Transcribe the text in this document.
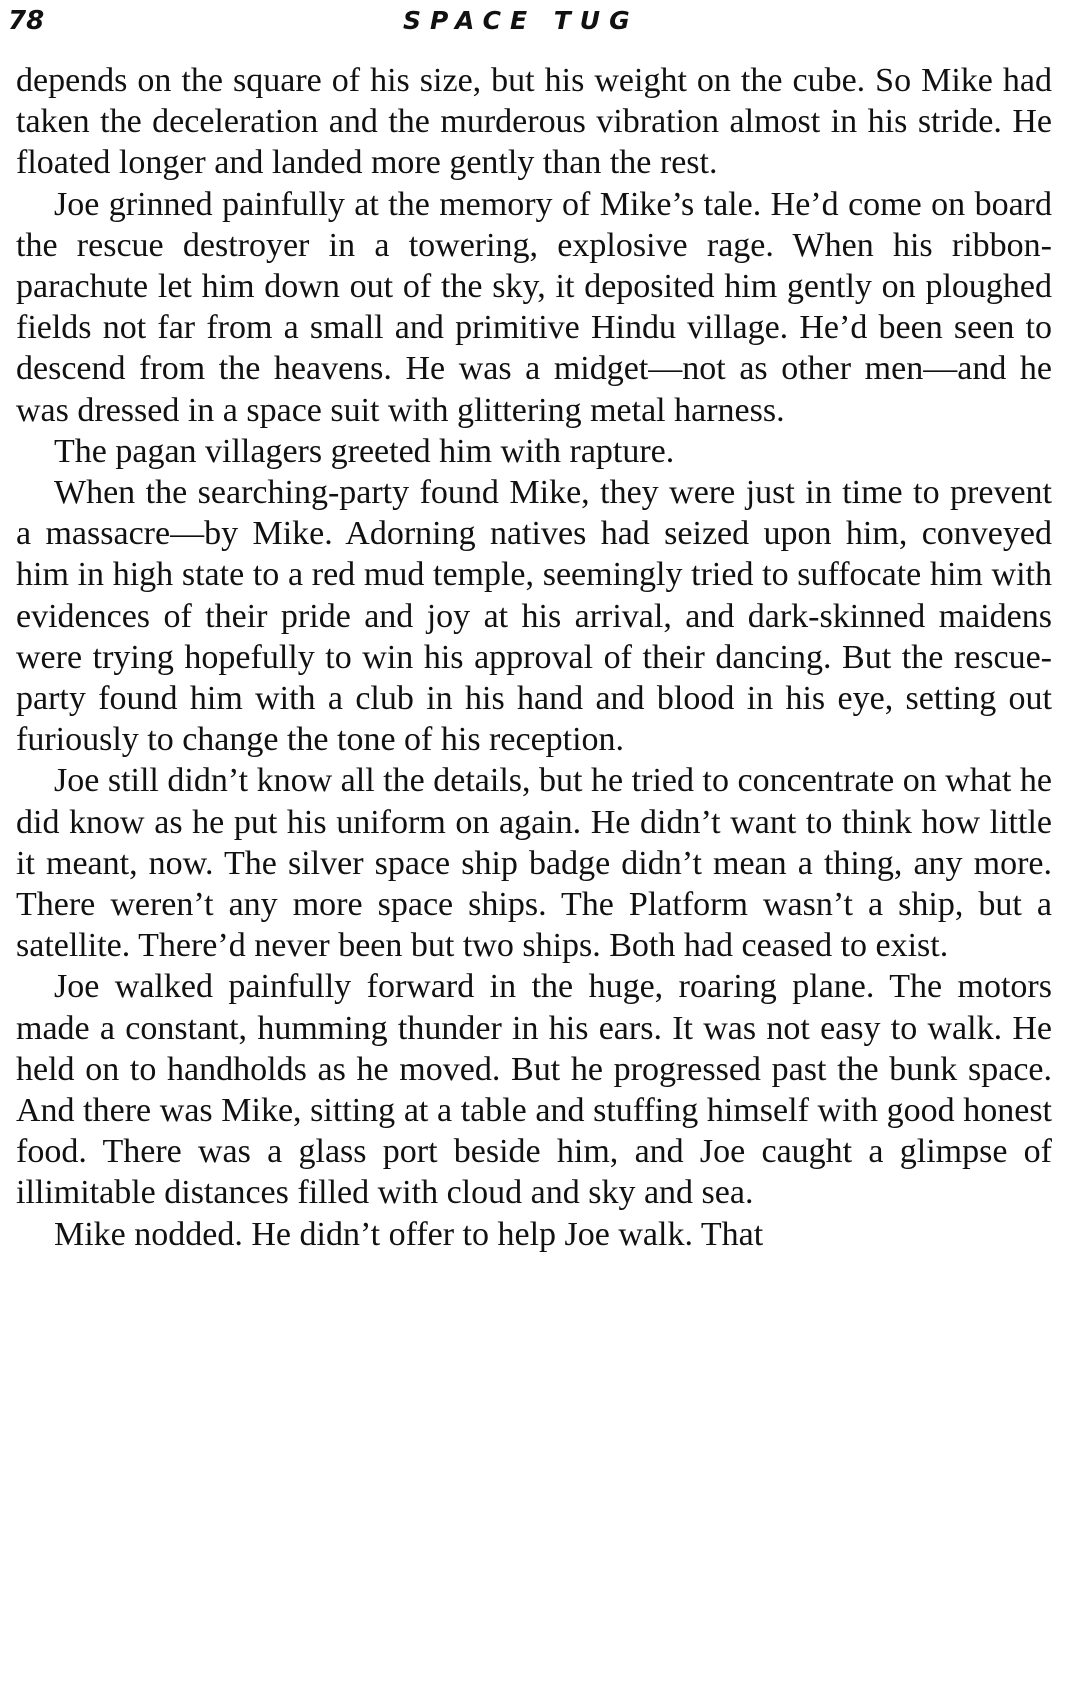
78	SPACE TUG

depends on the square of his size, but his weight on the cube. So Mike had taken the deceleration and the murderous vibration almost in his stride. He floated longer and landed more gently than the rest.

Joe grinned painfully at the memory of Mike’s tale. He’d come on board the rescue destroyer in a towering, explosive rage. When his ribbon-parachute let him down out of the sky, it deposited him gently on ploughed fields not far from a small and primitive Hindu village. He’d been seen to descend from the heavens. He was a midget—not as other men—and he was dressed in a space suit with glittering metal harness.

The pagan villagers greeted him with rapture.

When the searching-party found Mike, they were just in time to prevent a massacre—by Mike. Adorning natives had seized upon him, conveyed him in high state to a red mud temple, seemingly tried to suffocate him with evidences of their pride and joy at his arrival, and dark-skinned maidens were trying hopefully to win his approval of their dancing. But the rescue-party found him with a club in his hand and blood in his eye, setting out furiously to change the tone of his reception.

Joe still didn’t know all the details, but he tried to concentrate on what he did know as he put his uniform on again. He didn’t want to think how little it meant, now. The silver space ship badge didn’t mean a thing, any more. There weren’t any more space ships. The Platform wasn’t a ship, but a satellite. There’d never been but two ships. Both had ceased to exist.

Joe walked painfully forward in the huge, roaring plane. The motors made a constant, humming thunder in his ears. It was not easy to walk. He held on to handholds as he moved. But he progressed past the bunk space. And there was Mike, sitting at a table and stuffing himself with good honest food. There was a glass port beside him, and Joe caught a glimpse of illimitable distances filled with cloud and sky and sea.

Mike nodded. He didn’t offer to help Joe walk. That
